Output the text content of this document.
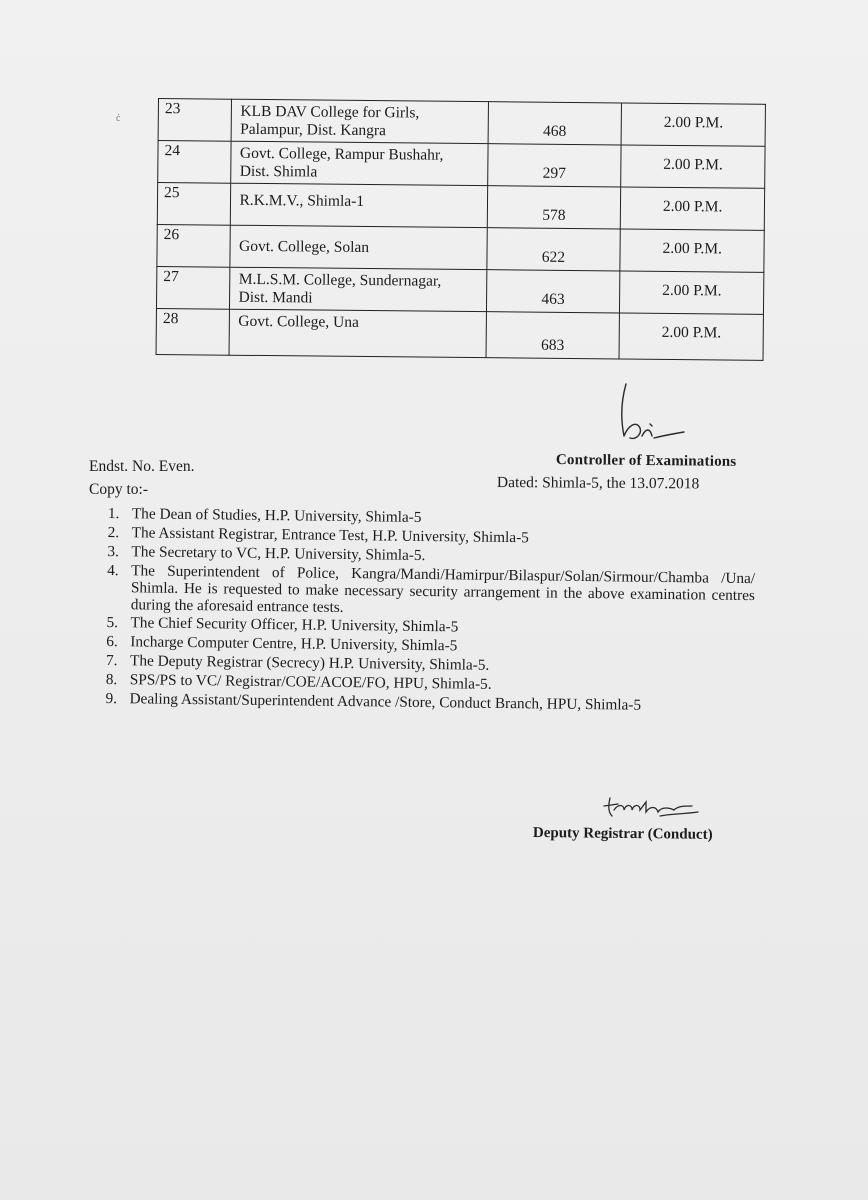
ċ
23	KLB DAV College for Girls,
Palampur, Dist. Kangra	468	2.00 P.M.
24	Govt. College, Rampur Bushahr,
Dist. Shimla	297	2.00 P.M.
25	R.K.M.V., Shimla-1	578	2.00 P.M.
26	Govt. College, Solan	622	2.00 P.M.
27	M.L.S.M. College, Sundernagar,
Dist. Mandi	463	2.00 P.M.
28	Govt. College, Una	683	2.00 P.M.
Controller of Examinations
Endst. No. Even.
Dated: Shimla-5, the 13.07.2018
Copy to:-
1. The Dean of Studies, H.P. University, Shimla-5
2. The Assistant Registrar, Entrance Test, H.P. University, Shimla-5
3. The Secretary to VC, H.P. University, Shimla-5.
4. The Superintendent of Police, Kangra/Mandi/Hamirpur/Bilaspur/Solan/Sirmour/Chamba /Una/ Shimla. He is requested to make necessary security arrangement in the above examination centres during the aforesaid entrance tests.
5. The Chief Security Officer, H.P. University, Shimla-5
6. Incharge Computer Centre, H.P. University, Shimla-5
7. The Deputy Registrar (Secrecy) H.P. University, Shimla-5.
8. SPS/PS to VC/ Registrar/COE/ACOE/FO, HPU, Shimla-5.
9. Dealing Assistant/Superintendent Advance /Store, Conduct Branch, HPU, Shimla-5
Deputy Registrar (Conduct)
